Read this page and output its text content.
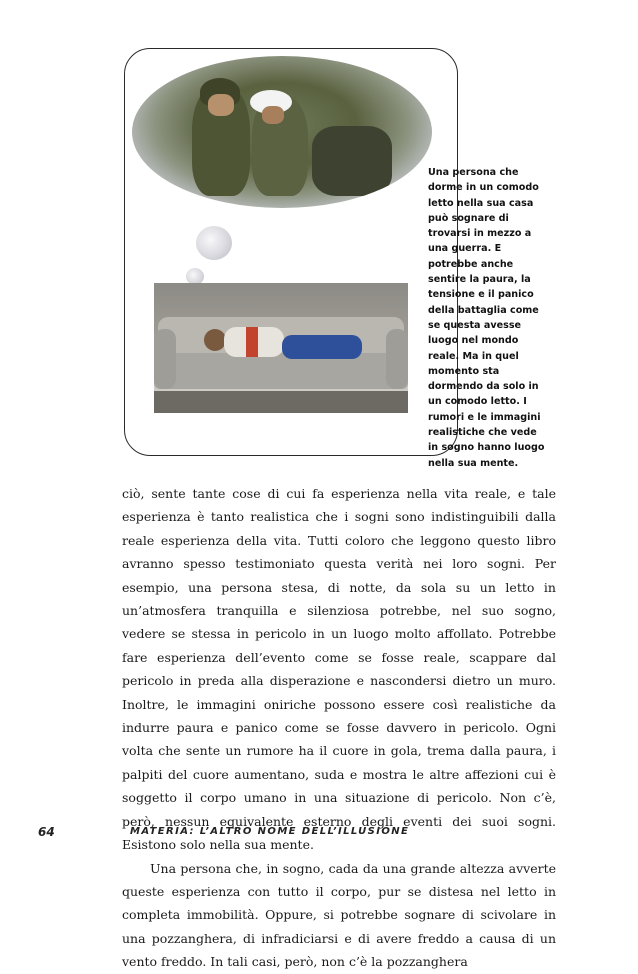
Una persona che dorme in un comodo letto nella sua casa può sognare di trovarsi in mezzo a una guerra. E potrebbe anche sentire la paura, la tensione e il panico della battaglia come se questa avesse luogo nel mondo reale. Ma in quel momento sta dormendo da solo in un comodo letto. I rumori e le immagini realistiche che vede in sogno hanno luogo nella sua mente.

ciò, sente tante cose di cui fa esperienza nella vita reale, e tale esperienza è tanto realistica che i sogni sono indistinguibili dalla reale esperienza della vita. Tutti coloro che leggono questo libro avranno spesso testimoniato questa verità nei loro sogni. Per esempio, una persona stesa, di notte, da sola su un letto in un’atmosfera tranquilla e silenziosa potrebbe, nel suo sogno, vedere se stessa in pericolo in un luogo molto affollato. Potrebbe fare esperienza dell’evento come se fosse reale, scappare dal pericolo in preda alla disperazione e nascondersi dietro un muro. Inoltre, le immagini oniriche possono essere così realistiche da indurre paura e panico come se fosse davvero in pericolo. Ogni volta che sente un rumore ha il cuore in gola, trema dalla paura, i palpiti del cuore aumentano, suda e mostra le altre affezioni cui è soggetto il corpo umano in una situazione di pericolo. Non c’è, però, nessun equivalente esterno degli eventi dei suoi sogni. Esistono solo nella sua mente.

Una persona che, in sogno, cada da una grande altezza avverte queste esperienza con tutto il corpo, pur se distesa nel letto in completa immobilità. Oppure, si potrebbe sognare di scivolare in una pozzanghera, di infradiciarsi e di avere freddo a causa di un vento freddo. In tali casi, però, non c’è la pozzanghera

64	MATERIA: L’ALTRO NOME DELL’ILLUSIONE
